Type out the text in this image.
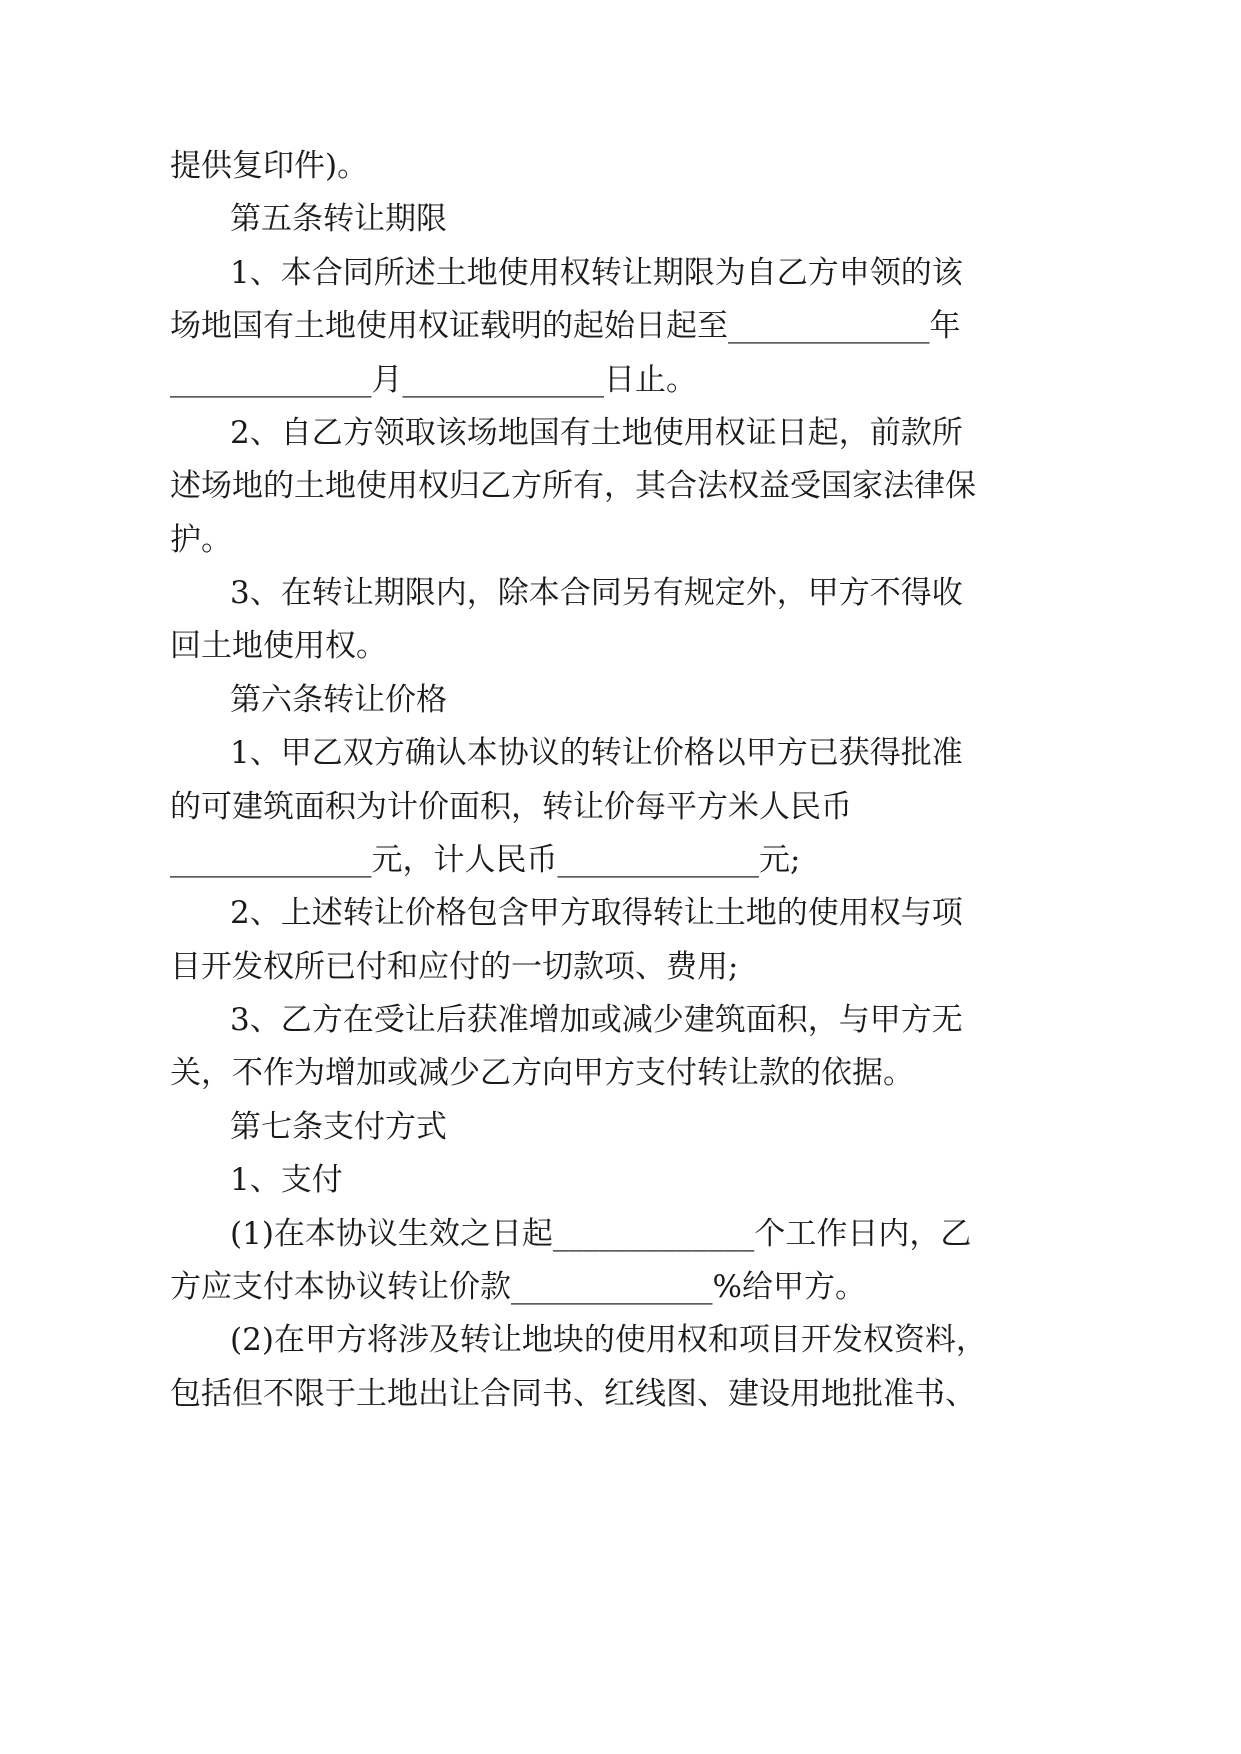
提供复印件)。
第五条转让期限
1、本合同所述土地使用权转让期限为自乙方申领的该
场地国有土地使用权证载明的起始日起至_____________年
_____________月_____________日止。
2、自乙方领取该场地国有土地使用权证日起，前款所
述场地的土地使用权归乙方所有，其合法权益受国家法律保
护。
3、在转让期限内，除本合同另有规定外，甲方不得收
回土地使用权。
第六条转让价格
1、甲乙双方确认本协议的转让价格以甲方已获得批准
的可建筑面积为计价面积，转让价每平方米人民币
_____________元，计人民币_____________元;
2、上述转让价格包含甲方取得转让土地的使用权与项
目开发权所已付和应付的一切款项、费用;
3、乙方在受让后获准增加或减少建筑面积，与甲方无
关，不作为增加或减少乙方向甲方支付转让款的依据。
第七条支付方式
1、支付
(1)在本协议生效之日起_____________个工作日内，乙
方应支付本协议转让价款_____________%给甲方。
(2)在甲方将涉及转让地块的使用权和项目开发权资料，
包括但不限于土地出让合同书、红线图、建设用地批准书、
